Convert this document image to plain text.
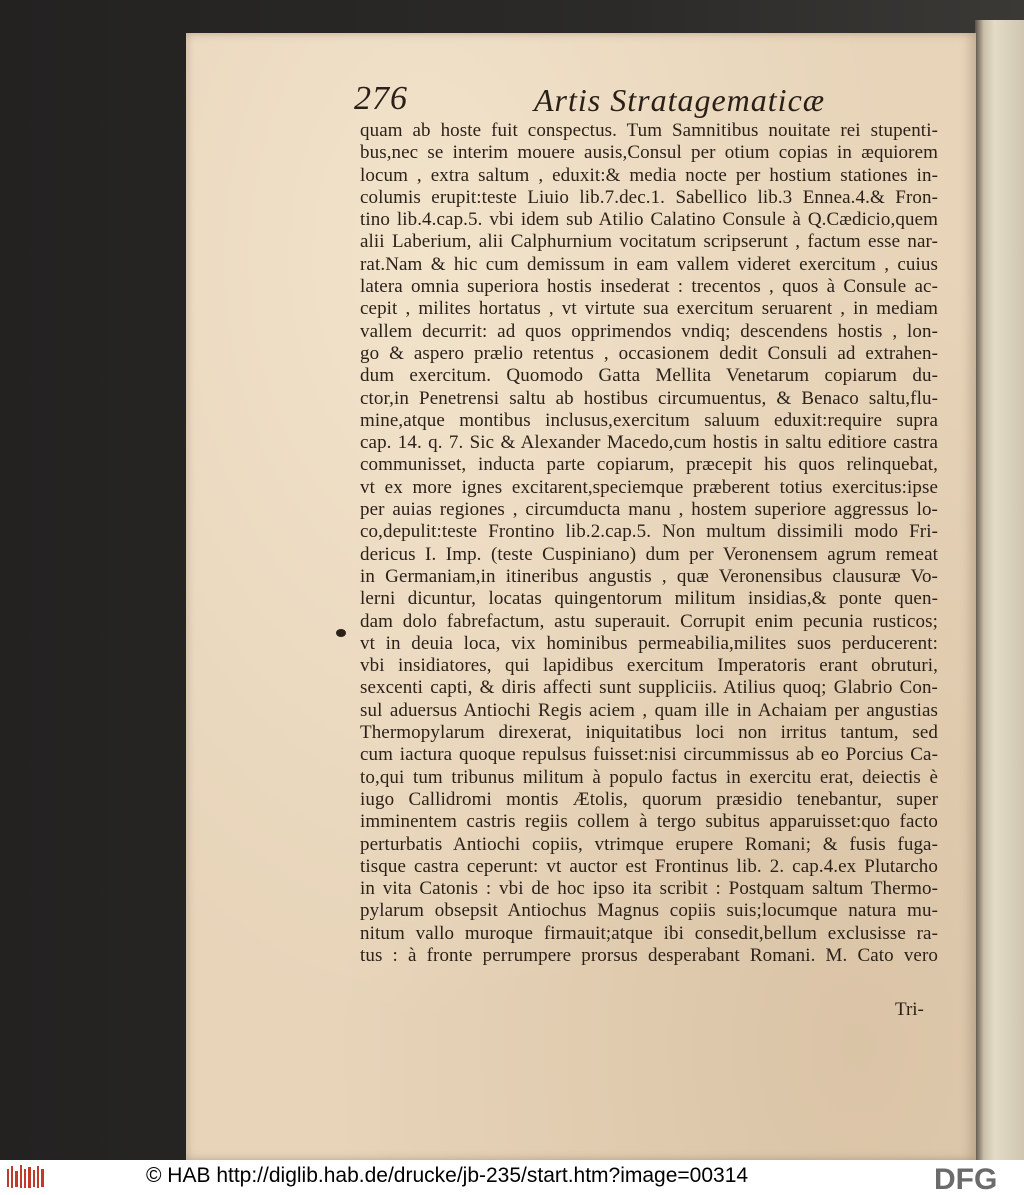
276	Artis Stratagematicæ
quam ab hoste fuit conspectus. Tum Samnitibus nouitate rei stupenti-
bus,nec se interim mouere ausis,Consul per otium copias in æquiorem
locum , extra saltum , eduxit:& media nocte per hostium stationes in-
columis erupit:teste Liuio lib.7.dec.1. Sabellico lib.3 Ennea.4.& Fron-
tino lib.4.cap.5. vbi idem sub Atilio Calatino Consule à Q.Cædicio,quem
alii Laberium, alii Calphurnium vocitatum scripserunt , factum esse nar-
rat.Nam & hic cum demissum in eam vallem videret exercitum , cuius
latera omnia superiora hostis insederat : trecentos , quos à Consule ac-
cepit , milites hortatus , vt virtute sua exercitum seruarent , in mediam
vallem decurrit: ad quos opprimendos vndiq; descendens hostis , lon-
go & aspero prælio retentus , occasionem dedit Consuli ad extrahen-
dum exercitum. Quomodo Gatta Mellita Venetarum copiarum du-
ctor,in Penetrensi saltu ab hostibus circumuentus, & Benaco saltu,flu-
mine,atque montibus inclusus,exercitum saluum eduxit:require supra
cap. 14. q. 7. Sic & Alexander Macedo,cum hostis in saltu editiore castra
communisset, inducta parte copiarum, præcepit his quos relinquebat,
vt ex more ignes excitarent,speciemque præberent totius exercitus:ipse
per auias regiones , circumducta manu , hostem superiore aggressus lo-
co,depulit:teste Frontino lib.2.cap.5. Non multum dissimili modo Fri-
dericus I. Imp. (teste Cuspiniano) dum per Veronensem agrum remeat
in Germaniam,in itineribus angustis , quæ Veronensibus clausuræ Vo-
lerni dicuntur, locatas quingentorum militum insidias,& ponte quen-
dam dolo fabrefactum, astu superauit. Corrupit enim pecunia rusticos;
vt in deuia loca, vix hominibus permeabilia,milites suos perducerent:
vbi insidiatores, qui lapidibus exercitum Imperatoris erant obruturi,
sexcenti capti, & diris affecti sunt suppliciis. Atilius quoq; Glabrio Con-
sul aduersus Antiochi Regis aciem , quam ille in Achaiam per angustias
Thermopylarum direxerat, iniquitatibus loci non irritus tantum, sed
cum iactura quoque repulsus fuisset:nisi circummissus ab eo Porcius Ca-
to,qui tum tribunus militum à populo factus in exercitu erat, deiectis è
iugo Callidromi montis Ætolis, quorum præsidio tenebantur, super
imminentem castris regiis collem à tergo subitus apparuisset:quo facto
perturbatis Antiochi copiis, vtrimque erupere Romani; & fusis fuga-
tisque castra ceperunt: vt auctor est Frontinus lib. 2. cap.4.ex Plutarcho
in vita Catonis : vbi de hoc ipso ita scribit : Postquam saltum Thermo-
pylarum obsepsit Antiochus Magnus copiis suis;locumque natura mu-
nitum vallo muroque firmauit;atque ibi consedit,bellum exclusisse ra-
tus : à fronte perrumpere prorsus desperabant Romani. M. Cato vero
Tri-
© HAB http://diglib.hab.de/drucke/jb-235/start.htm?image=00314	DFG
